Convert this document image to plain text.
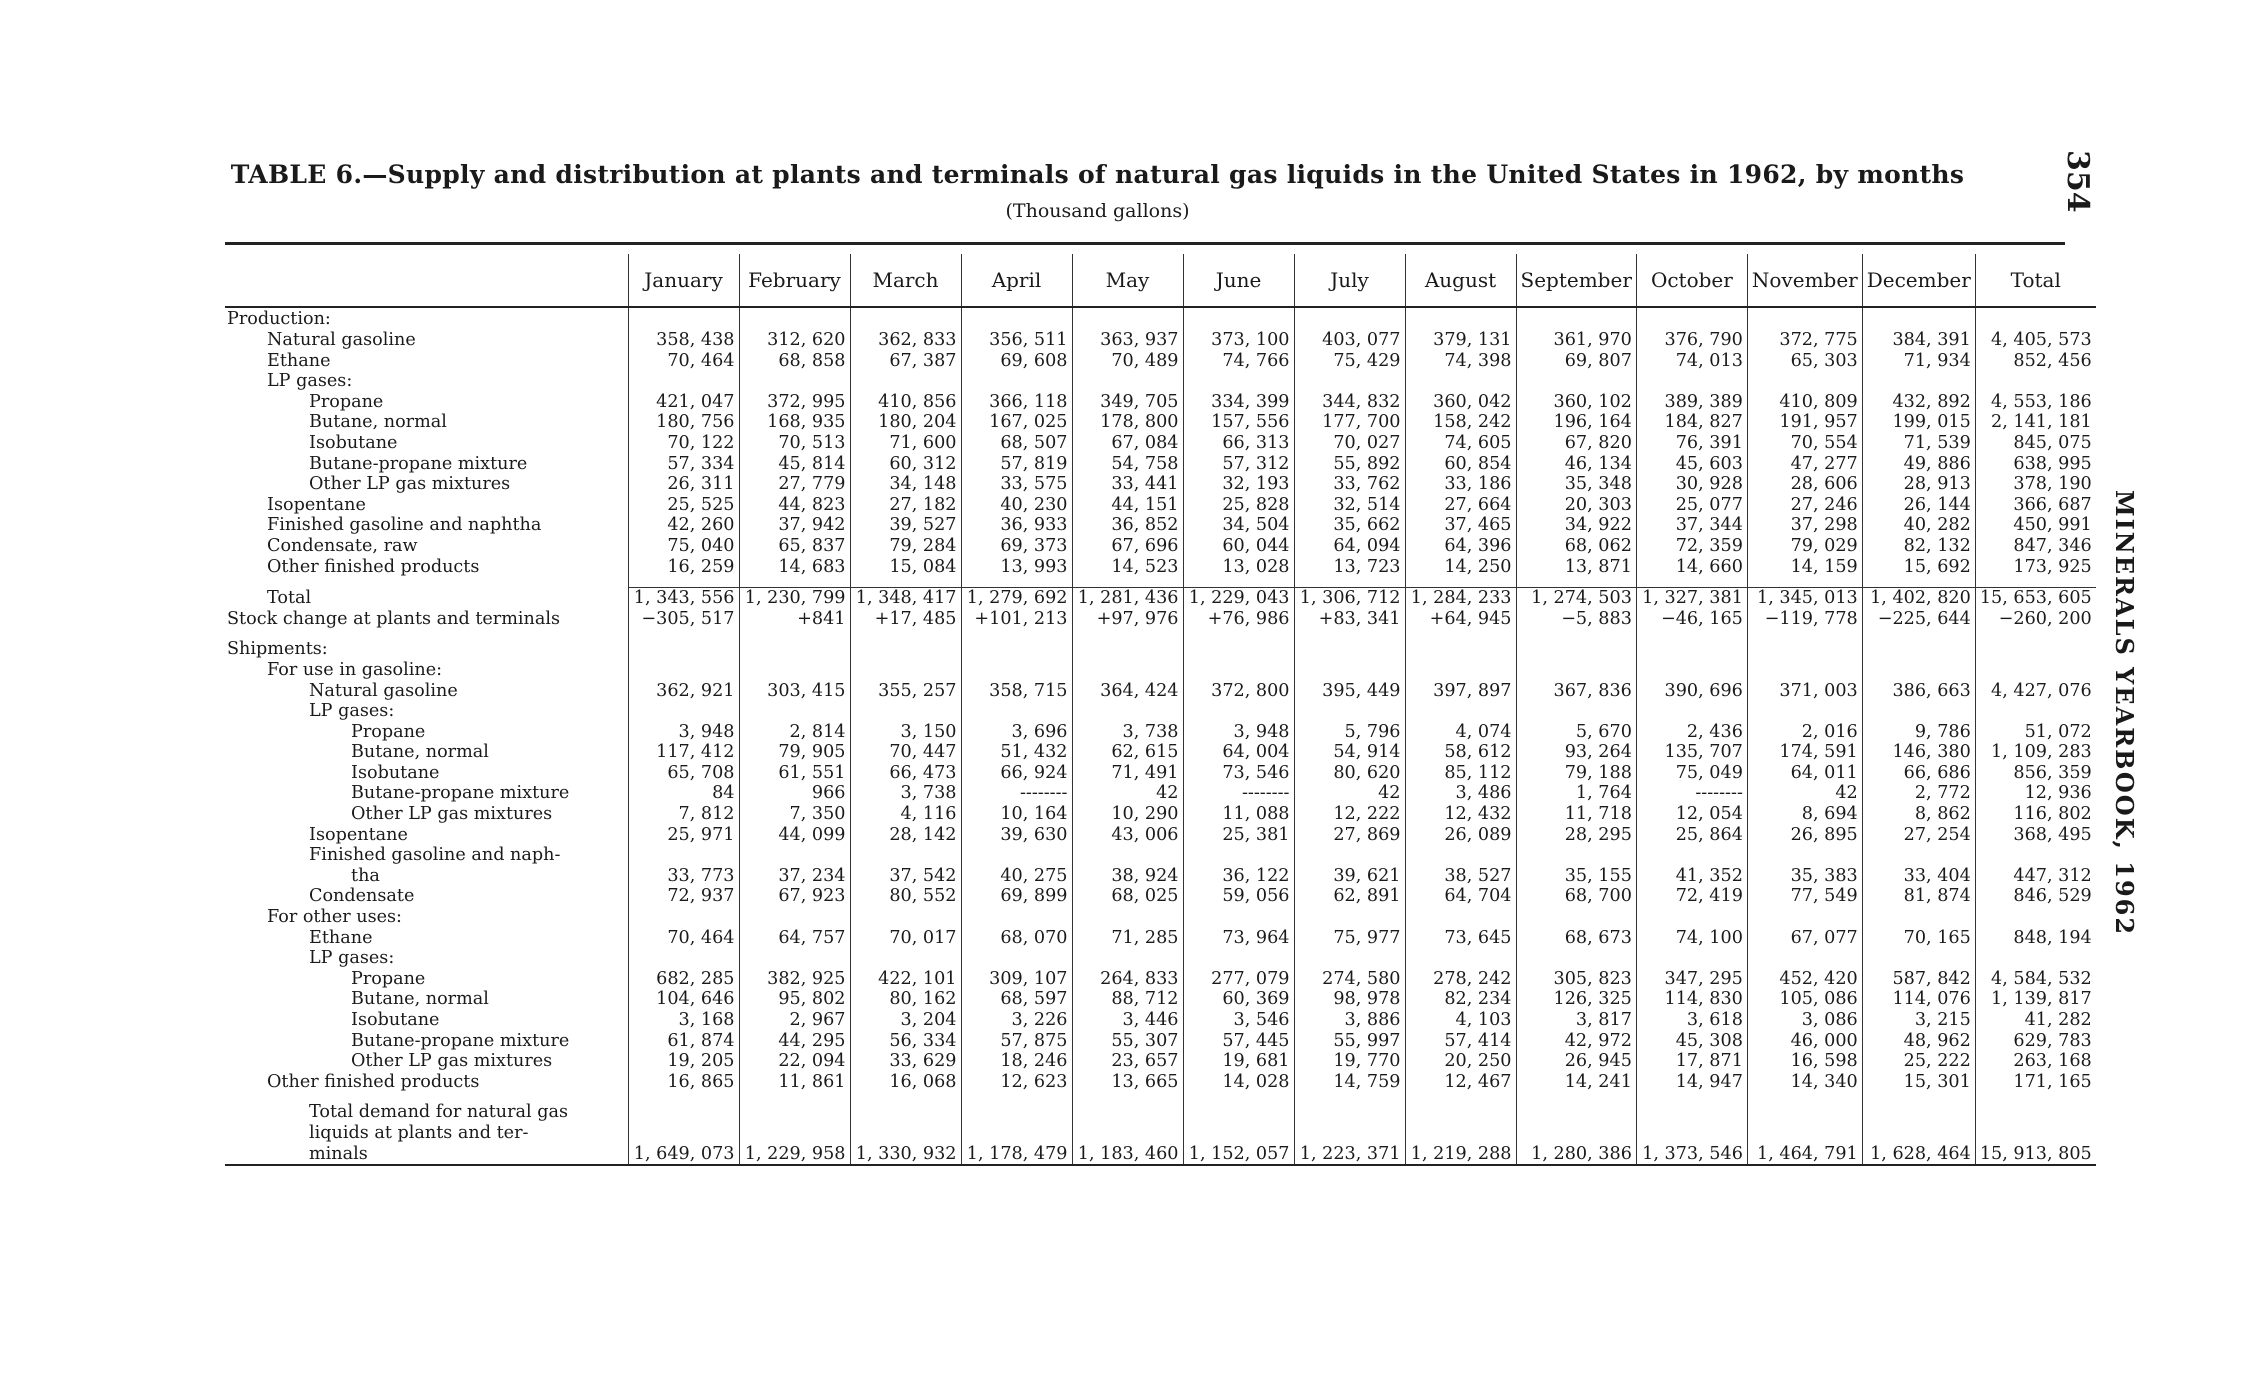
TABLE 6.—Supply and distribution at plants and terminals of natural gas liquids in the United States in 1962, by months
(Thousand gallons)	354
MINERALS YEARBOOK, 1962
	January	February	March	April	May	June	July	August	September	October	November	December	Total
Production:													
Natural gasoline	358, 438	312, 620	362, 833	356, 511	363, 937	373, 100	403, 077	379, 131	361, 970	376, 790	372, 775	384, 391	4, 405, 573
Ethane	70, 464	68, 858	67, 387	69, 608	70, 489	74, 766	75, 429	74, 398	69, 807	74, 013	65, 303	71, 934	852, 456
LP gases:													
Propane	421, 047	372, 995	410, 856	366, 118	349, 705	334, 399	344, 832	360, 042	360, 102	389, 389	410, 809	432, 892	4, 553, 186
Butane, normal	180, 756	168, 935	180, 204	167, 025	178, 800	157, 556	177, 700	158, 242	196, 164	184, 827	191, 957	199, 015	2, 141, 181
Isobutane	70, 122	70, 513	71, 600	68, 507	67, 084	66, 313	70, 027	74, 605	67, 820	76, 391	70, 554	71, 539	845, 075
Butane-propane mixture	57, 334	45, 814	60, 312	57, 819	54, 758	57, 312	55, 892	60, 854	46, 134	45, 603	47, 277	49, 886	638, 995
Other LP gas mixtures	26, 311	27, 779	34, 148	33, 575	33, 441	32, 193	33, 762	33, 186	35, 348	30, 928	28, 606	28, 913	378, 190
Isopentane	25, 525	44, 823	27, 182	40, 230	44, 151	25, 828	32, 514	27, 664	20, 303	25, 077	27, 246	26, 144	366, 687
Finished gasoline and naphtha	42, 260	37, 942	39, 527	36, 933	36, 852	34, 504	35, 662	37, 465	34, 922	37, 344	37, 298	40, 282	450, 991
Condensate, raw	75, 040	65, 837	79, 284	69, 373	67, 696	60, 044	64, 094	64, 396	68, 062	72, 359	79, 029	82, 132	847, 346
Other finished products	16, 259	14, 683	15, 084	13, 993	14, 523	13, 028	13, 723	14, 250	13, 871	14, 660	14, 159	15, 692	173, 925

Total	1, 343, 556	1, 230, 799	1, 348, 417	1, 279, 692	1, 281, 436	1, 229, 043	1, 306, 712	1, 284, 233	1, 274, 503	1, 327, 381	1, 345, 013	1, 402, 820	15, 653, 605
Stock change at plants and terminals	−305, 517	+841	+17, 485	+101, 213	+97, 976	+76, 986	+83, 341	+64, 945	−5, 883	−46, 165	−119, 778	−225, 644	−260, 200

Shipments:													
For use in gasoline:													
Natural gasoline	362, 921	303, 415	355, 257	358, 715	364, 424	372, 800	395, 449	397, 897	367, 836	390, 696	371, 003	386, 663	4, 427, 076
LP gases:													
Propane	3, 948	2, 814	3, 150	3, 696	3, 738	3, 948	5, 796	4, 074	5, 670	2, 436	2, 016	9, 786	51, 072
Butane, normal	117, 412	79, 905	70, 447	51, 432	62, 615	64, 004	54, 914	58, 612	93, 264	135, 707	174, 591	146, 380	1, 109, 283
Isobutane	65, 708	61, 551	66, 473	66, 924	71, 491	73, 546	80, 620	85, 112	79, 188	75, 049	64, 011	66, 686	856, 359
Butane-propane mixture	84	966	3, 738	--------	42	--------	42	3, 486	1, 764	--------	42	2, 772	12, 936
Other LP gas mixtures	7, 812	7, 350	4, 116	10, 164	10, 290	11, 088	12, 222	12, 432	11, 718	12, 054	8, 694	8, 862	116, 802
Isopentane	25, 971	44, 099	28, 142	39, 630	43, 006	25, 381	27, 869	26, 089	28, 295	25, 864	26, 895	27, 254	368, 495
Finished gasoline and naph-													
tha	33, 773	37, 234	37, 542	40, 275	38, 924	36, 122	39, 621	38, 527	35, 155	41, 352	35, 383	33, 404	447, 312
Condensate	72, 937	67, 923	80, 552	69, 899	68, 025	59, 056	62, 891	64, 704	68, 700	72, 419	77, 549	81, 874	846, 529
For other uses:													
Ethane	70, 464	64, 757	70, 017	68, 070	71, 285	73, 964	75, 977	73, 645	68, 673	74, 100	67, 077	70, 165	848, 194
LP gases:													
Propane	682, 285	382, 925	422, 101	309, 107	264, 833	277, 079	274, 580	278, 242	305, 823	347, 295	452, 420	587, 842	4, 584, 532
Butane, normal	104, 646	95, 802	80, 162	68, 597	88, 712	60, 369	98, 978	82, 234	126, 325	114, 830	105, 086	114, 076	1, 139, 817
Isobutane	3, 168	2, 967	3, 204	3, 226	3, 446	3, 546	3, 886	4, 103	3, 817	3, 618	3, 086	3, 215	41, 282
Butane-propane mixture	61, 874	44, 295	56, 334	57, 875	55, 307	57, 445	55, 997	57, 414	42, 972	45, 308	46, 000	48, 962	629, 783
Other LP gas mixtures	19, 205	22, 094	33, 629	18, 246	23, 657	19, 681	19, 770	20, 250	26, 945	17, 871	16, 598	25, 222	263, 168
Other finished products	16, 865	11, 861	16, 068	12, 623	13, 665	14, 028	14, 759	12, 467	14, 241	14, 947	14, 340	15, 301	171, 165

Total demand for natural gas													
liquids at plants and ter-													
minals	1, 649, 073	1, 229, 958	1, 330, 932	1, 178, 479	1, 183, 460	1, 152, 057	1, 223, 371	1, 219, 288	1, 280, 386	1, 373, 546	1, 464, 791	1, 628, 464	15, 913, 805
